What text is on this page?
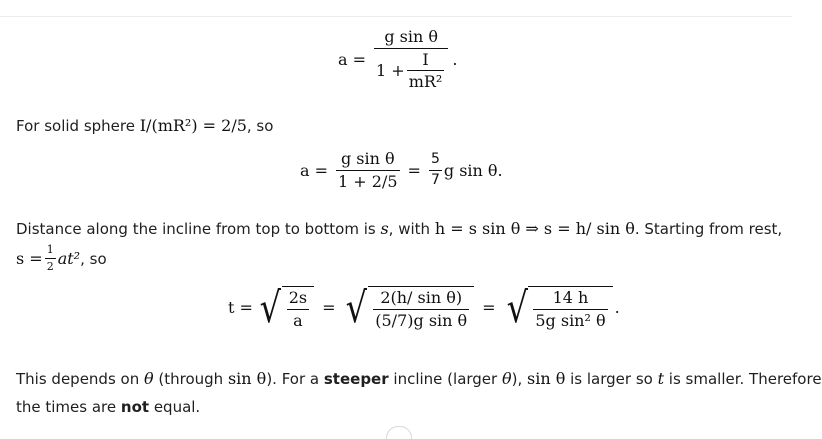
$a = \frac{\text{g sin θ}}{1 + \frac{I}{\text{mR²}}}$ .
For solid sphere I/(mR²) = 2/5, so
$a = \frac{\text{g sin θ}}{1 + 2/5} = \frac{5}{7}$ g sin θ.
Distance along the incline from top to bottom is s, with h = s sin θ ⇒ s = h/ sin θ. Starting from rest,
$s = \frac{1}{2} at^2$ , so
t = √ $\frac{2s}{a}$ = √ $\frac{\text{2(h/ sin θ)}}{\text{(5/7)g sin θ}}$ = √ $\frac{14 h}{\text{5g sin² θ}}$ .
This depends on θ (through sin θ). For a steeper incline (larger θ), sin θ is larger so t is smaller. Therefore
the times are not equal.
